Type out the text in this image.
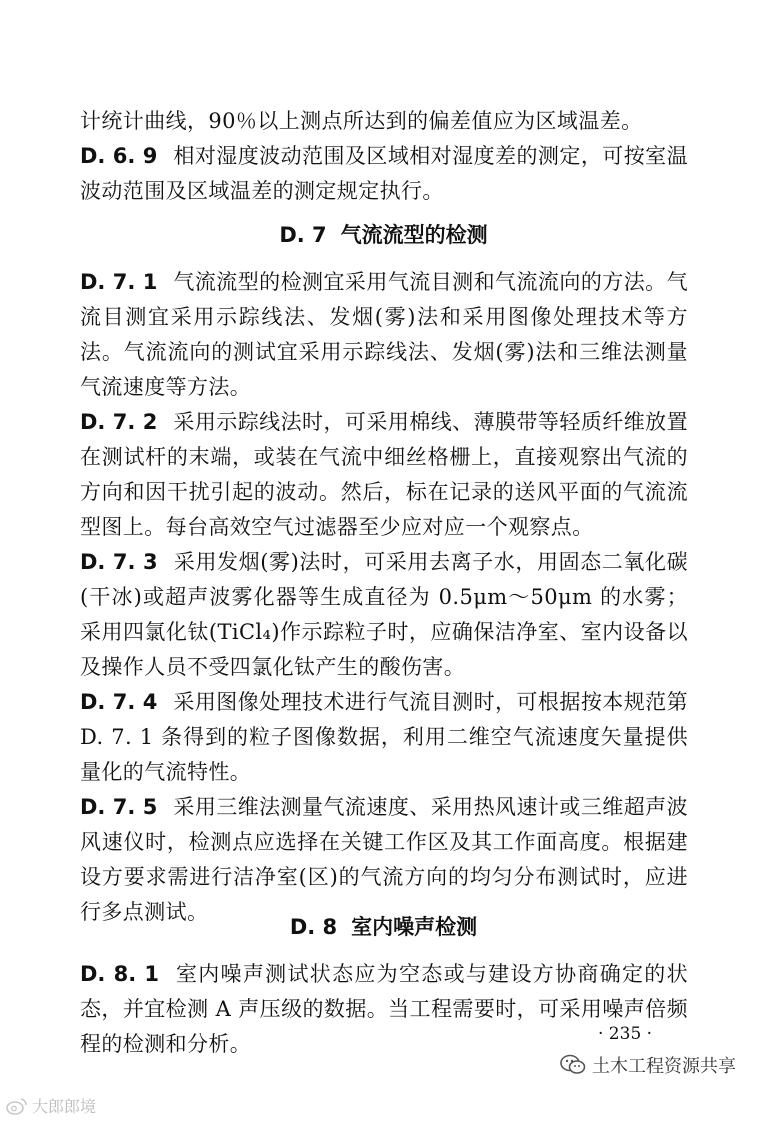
计统计曲线，90％以上测点所达到的偏差值应为区域温差。
D. 6. 9 相对湿度波动范围及区域相对湿度差的测定，可按室温波动范围及区域温差的测定规定执行。
D. 7 气流流型的检测
D. 7. 1 气流流型的检测宜采用气流目测和气流流向的方法。气流目测宜采用示踪线法、发烟(雾)法和采用图像处理技术等方法。气流流向的测试宜采用示踪线法、发烟(雾)法和三维法测量气流速度等方法。
D. 7. 2 采用示踪线法时，可采用棉线、薄膜带等轻质纤维放置在测试杆的末端，或装在气流中细丝格栅上，直接观察出气流的方向和因干扰引起的波动。然后，标在记录的送风平面的气流流型图上。每台高效空气过滤器至少应对应一个观察点。
D. 7. 3 采用发烟(雾)法时，可采用去离子水，用固态二氧化碳(干冰)或超声波雾化器等生成直径为 0.5μm～50μm 的水雾；采用四氯化钛(TiCl₄)作示踪粒子时，应确保洁净室、室内设备以及操作人员不受四氯化钛产生的酸伤害。
D. 7. 4 采用图像处理技术进行气流目测时，可根据按本规范第 D. 7. 1 条得到的粒子图像数据，利用二维空气流速度矢量提供量化的气流特性。
D. 7. 5 采用三维法测量气流速度、采用热风速计或三维超声波风速仪时，检测点应选择在关键工作区及其工作面高度。根据建设方要求需进行洁净室(区)的气流方向的均匀分布测试时，应进行多点测试。
D. 8 室内噪声检测
D. 8. 1 室内噪声测试状态应为空态或与建设方协商确定的状态，并宜检测 A 声压级的数据。当工程需要时，可采用噪声倍频程的检测和分析。	· 235 ·
土木工程资源共享
大郎郎境
